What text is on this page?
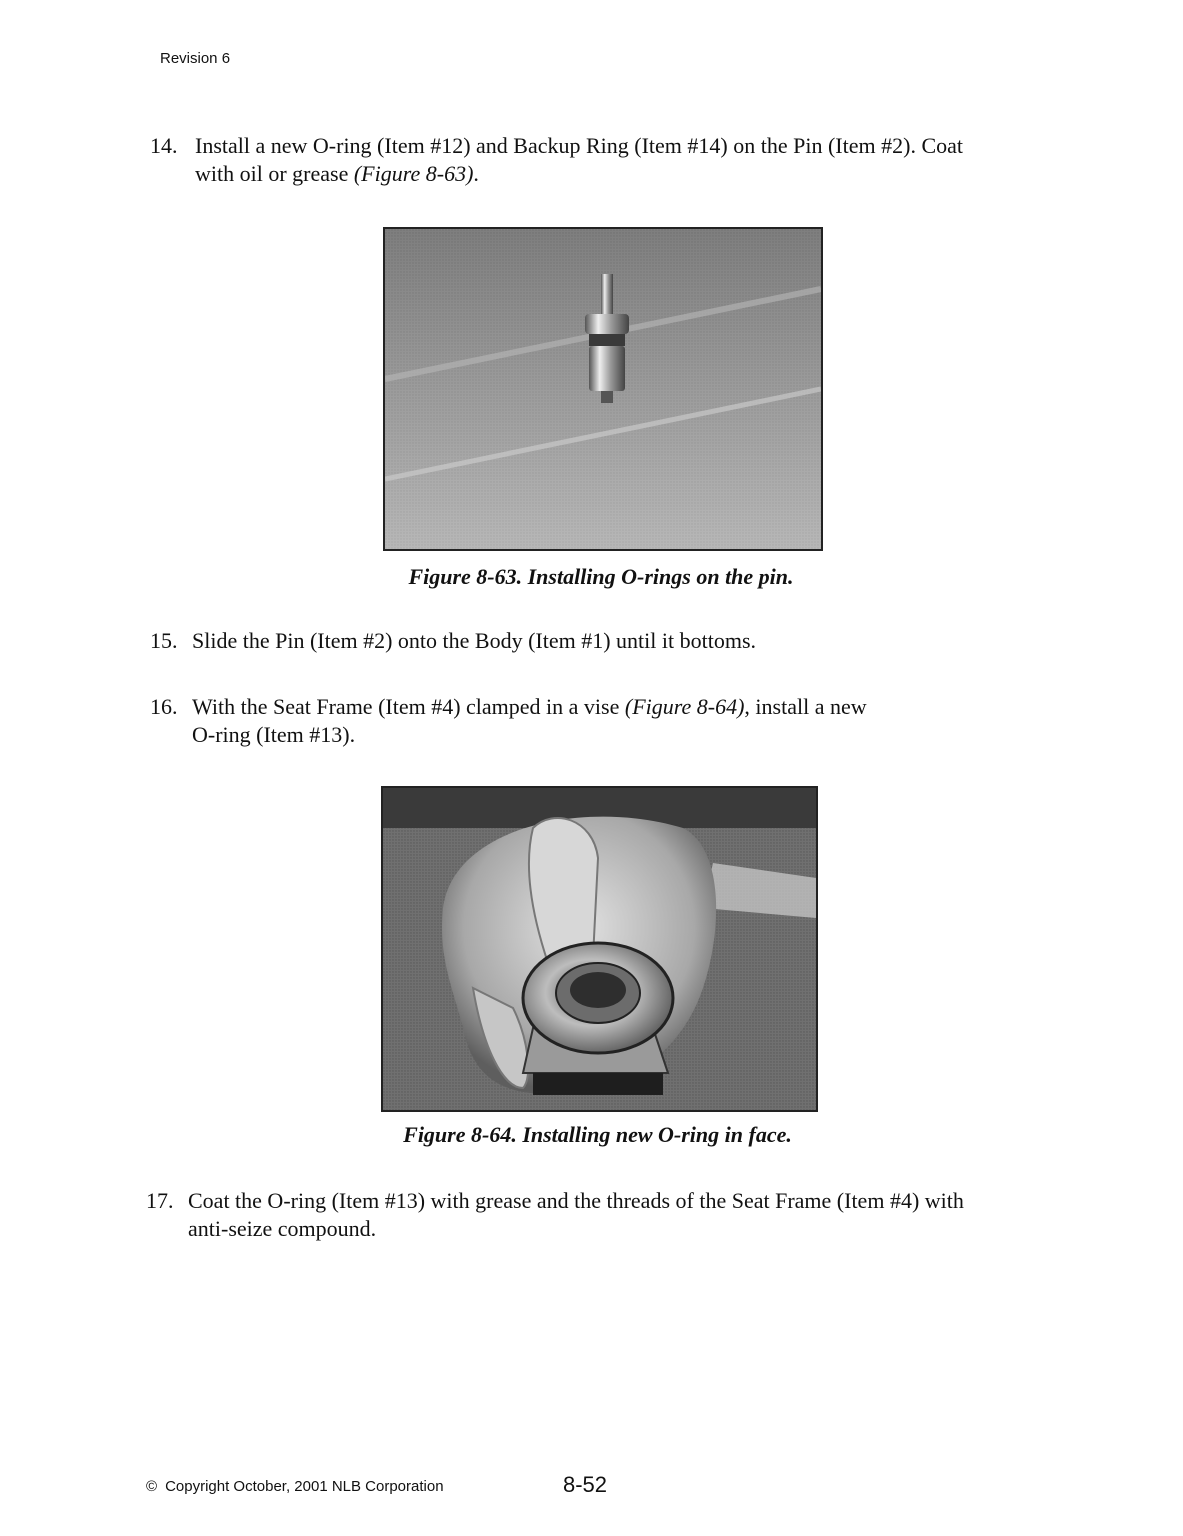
Revision 6
14. Install a new O-ring (Item #12) and Backup Ring (Item #14) on the Pin (Item #2). Coat
with oil or grease (Figure 8-63).
Figure 8-63. Installing O-rings on the pin.
15. Slide the Pin (Item #2) onto the Body (Item #1) until it bottoms.
16. With the Seat Frame (Item #4) clamped in a vise (Figure 8-64), install a new
O-ring (Item #13).
Figure 8-64. Installing new O-ring in face.
17. Coat the O-ring (Item #13) with grease and the threads of the Seat Frame (Item #4) with
anti-seize compound.
© Copyright October, 2001 NLB Corporation	8-52
